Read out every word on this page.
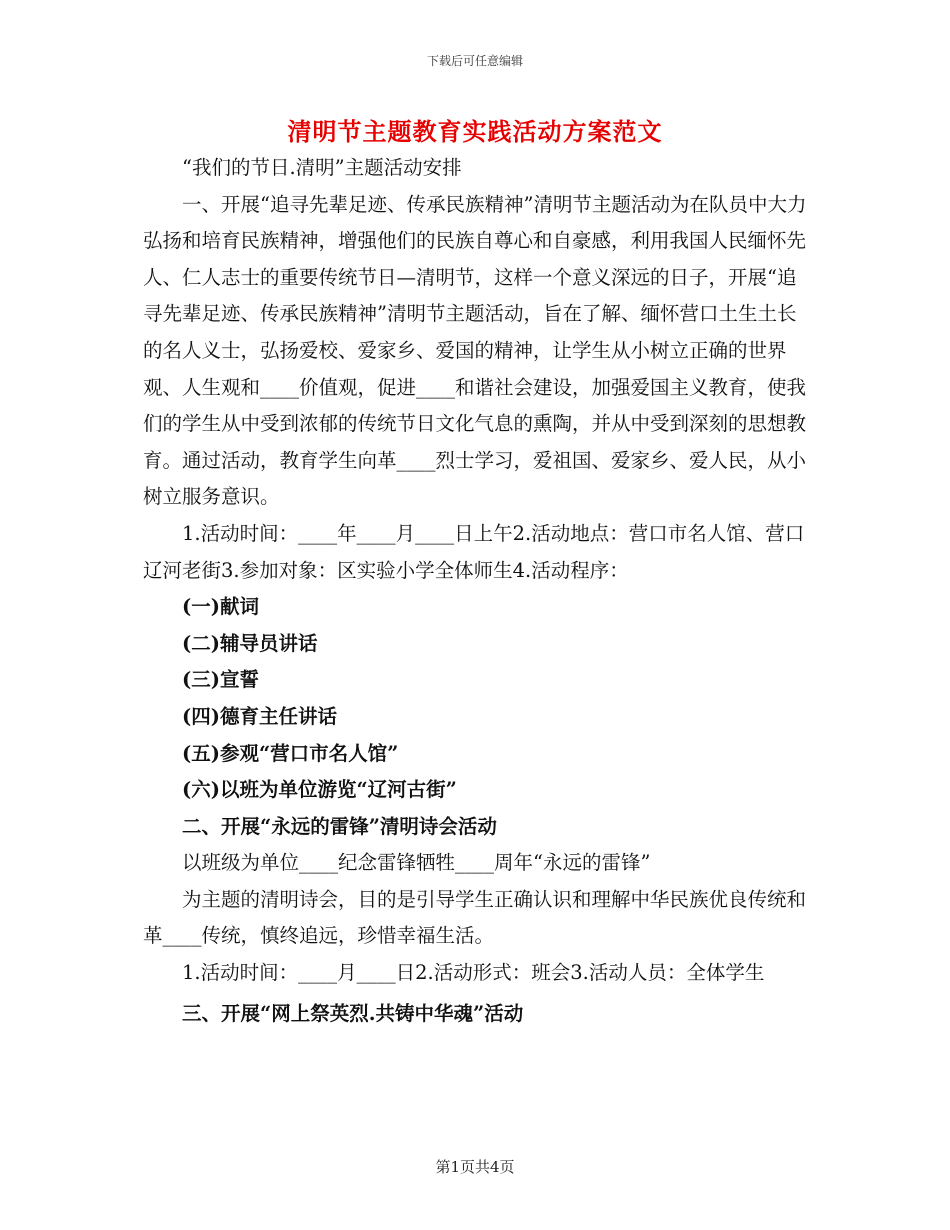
下载后可任意编辑
清明节主题教育实践活动方案范文

“我们的节日.清明”主题活动安排

一、开展“追寻先辈足迹、传承民族精神”清明节主题活动为在队员中大力弘扬和培育民族精神，增强他们的民族自尊心和自豪感，利用我国人民缅怀先人、仁人志士的重要传统节日—清明节，这样一个意义深远的日子，开展“追寻先辈足迹、传承民族精神”清明节主题活动，旨在了解、缅怀营口土生土长的名人义士，弘扬爱校、爱家乡、爱国的精神，让学生从小树立正确的世界观、人生观和____价值观，促进____和谐社会建设，加强爱国主义教育，使我们的学生从中受到浓郁的传统节日文化气息的熏陶，并从中受到深刻的思想教育。通过活动，教育学生向革____烈士学习，爱祖国、爱家乡、爱人民，从小树立服务意识。

1.活动时间：____年____月____日上午2.活动地点：营口市名人馆、营口辽河老街3.参加对象：区实验小学全体师生4.活动程序：

(一)献词

(二)辅导员讲话

(三)宣誓

(四)德育主任讲话

(五)参观“营口市名人馆”

(六)以班为单位游览“辽河古街”

二、开展“永远的雷锋”清明诗会活动

以班级为单位____纪念雷锋牺牲____周年“永远的雷锋”

为主题的清明诗会，目的是引导学生正确认识和理解中华民族优良传统和革____传统，慎终追远，珍惜幸福生活。

1.活动时间：____月____日2.活动形式：班会3.活动人员：全体学生

三、开展“网上祭英烈.共铸中华魂”活动

第1页共4页
